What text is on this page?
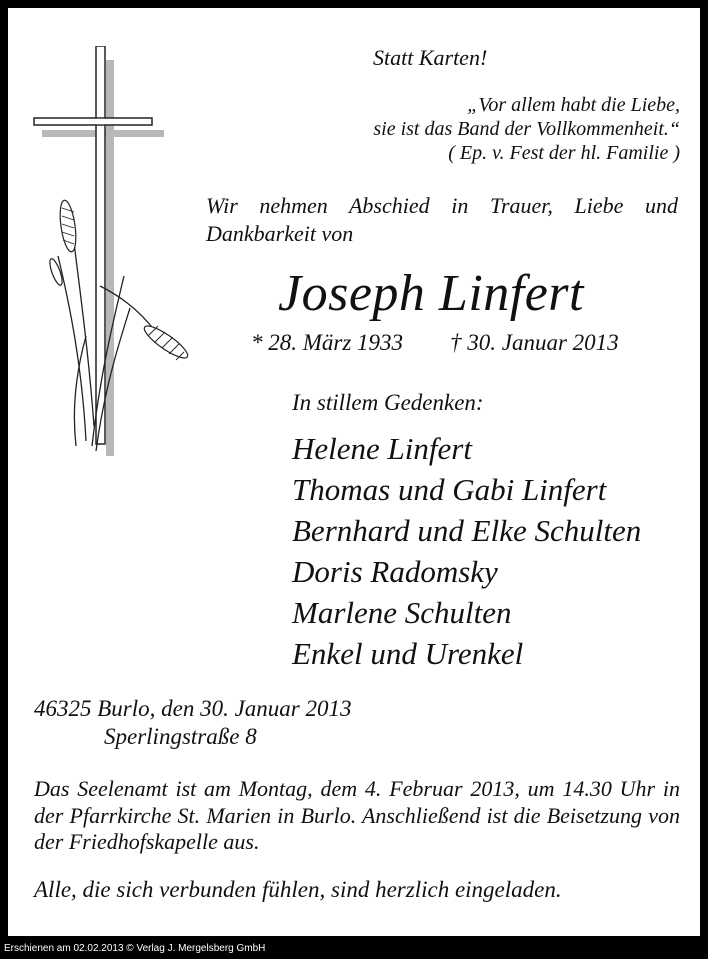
Statt Karten!
„Vor allem habt die Liebe,
sie ist das Band der Vollkommenheit.“
( Ep. v. Fest der hl. Familie )
Wir nehmen Abschied in Trauer, Liebe und Dankbarkeit von
Joseph Linfert
* 28. März 1933 † 30. Januar 2013
In stillem Gedenken:
Helene Linfert
Thomas und Gabi Linfert
Bernhard und Elke Schulten
Doris Radomsky
Marlene Schulten
Enkel und Urenkel
46325 Burlo, den 30. Januar 2013
Sperlingstraße 8
Das Seelenamt ist am Montag, dem 4. Februar 2013, um 14.30 Uhr in der Pfarrkirche St. Marien in Burlo. Anschließend ist die Beisetzung von der Friedhofskapelle aus.
Alle, die sich verbunden fühlen, sind herzlich eingeladen.
Erschienen am 02.02.2013 © Verlag J. Mergelsberg GmbH
